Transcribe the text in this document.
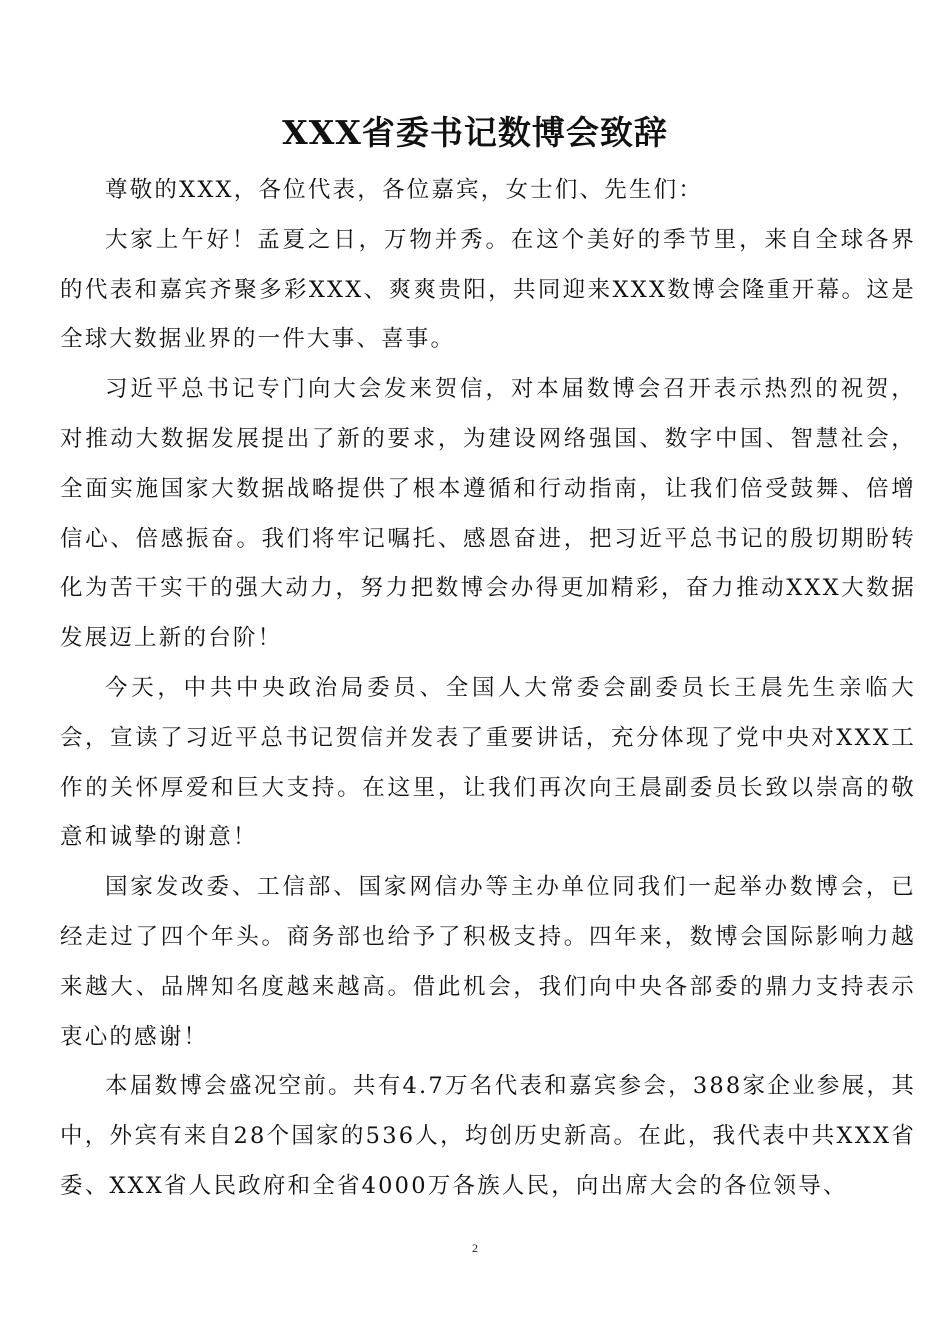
XXX省委书记数博会致辞

尊敬的XXX，各位代表，各位嘉宾，女士们、先生们：

大家上午好！孟夏之日，万物并秀。在这个美好的季节里，来自全球各界的代表和嘉宾齐聚多彩XXX、爽爽贵阳，共同迎来XXX数博会隆重开幕。这是全球大数据业界的一件大事、喜事。

习近平总书记专门向大会发来贺信，对本届数博会召开表示热烈的祝贺，对推动大数据发展提出了新的要求，为建设网络强国、数字中国、智慧社会，全面实施国家大数据战略提供了根本遵循和行动指南，让我们倍受鼓舞、倍增信心、倍感振奋。我们将牢记嘱托、感恩奋进，把习近平总书记的殷切期盼转化为苦干实干的强大动力，努力把数博会办得更加精彩，奋力推动XXX大数据发展迈上新的台阶！

今天，中共中央政治局委员、全国人大常委会副委员长王晨先生亲临大会，宣读了习近平总书记贺信并发表了重要讲话，充分体现了党中央对XXX工作的关怀厚爱和巨大支持。在这里，让我们再次向王晨副委员长致以崇高的敬意和诚挚的谢意！

国家发改委、工信部、国家网信办等主办单位同我们一起举办数博会，已经走过了四个年头。商务部也给予了积极支持。四年来，数博会国际影响力越来越大、品牌知名度越来越高。借此机会，我们向中央各部委的鼎力支持表示衷心的感谢！

本届数博会盛况空前。共有4.7万名代表和嘉宾参会，388家企业参展，其中，外宾有来自28个国家的536人，均创历史新高。在此，我代表中共XXX省委、XXX省人民政府和全省4000万各族人民，向出席大会的各位领导、

2
